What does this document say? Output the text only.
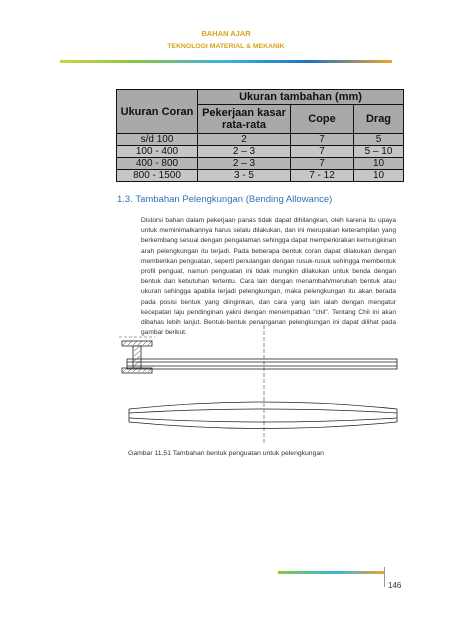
BAHAN AJAR
TEKNOLOGI MATERIAL & MEKANIK
Ukuran Coran	Ukuran tambahan (mm)		
	Pekerjaan kasar rata-rata	Cope	Drag
s/d 100	2	7	5
100 - 400	2 – 3	7	5 – 10
400 - 800	2 – 3	7	10
800 - 1500	3 - 5	7 - 12	10
1.3. Tambahan Pelengkungan (Bending Allowance)
Distorsi bahan dalam pekerjaan panas tidak dapat dihilangkan, oleh karena itu upaya untuk meminimalkannya harus selalu dilakukan, dan ini merupakan keterampilan yang berkembang sesuai dengan pengalaman sehingga dapat memperkirakan kemungkinan arah pelengkungan itu terjadi. Pada beberapa bentuk coran dapat dilakukan dengan memberikan penguatan, seperti penulangan dengan rusuk-rusuk sehingga membentuk profil penguat, namun penguatan ini tidak mungkin dilakukan untuk benda dengan bentuk dan kebutuhan tertentu. Cara lain dengan menambah/merubah bentuk atau ukuran sehingga apabila terjadi pelengkungan, maka pelengkungan itu akan berada pada posisi bentuk yang diinginkan, dan cara yang lain ialah dengan mengatur kecepatan laju pendinginan yakni dengan menempatkan "chil". Tentang Chil ini akan dibahas lebih lanjut. Bentuk-bentuk penanganan pelengkungan ini dapat dilihat pada gambar berikut.
Gambar 11.51 Tambahan bentuk penguatan untuk pelengkungan
146
